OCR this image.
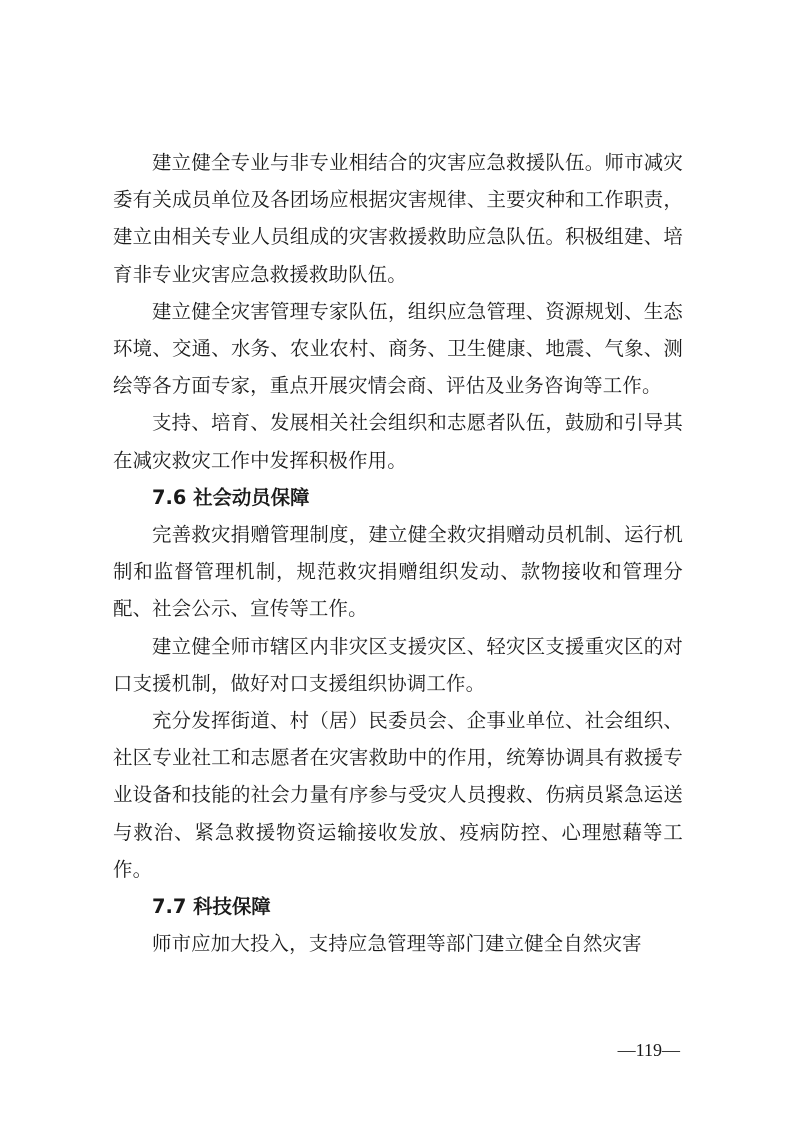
建立健全专业与非专业相结合的灾害应急救援队伍。师市减灾委有关成员单位及各团场应根据灾害规律、主要灾种和工作职责，建立由相关专业人员组成的灾害救援救助应急队伍。积极组建、培育非专业灾害应急救援救助队伍。

建立健全灾害管理专家队伍，组织应急管理、资源规划、生态环境、交通、水务、农业农村、商务、卫生健康、地震、气象、测绘等各方面专家，重点开展灾情会商、评估及业务咨询等工作。

支持、培育、发展相关社会组织和志愿者队伍，鼓励和引导其在减灾救灾工作中发挥积极作用。

7.6 社会动员保障

完善救灾捐赠管理制度，建立健全救灾捐赠动员机制、运行机制和监督管理机制，规范救灾捐赠组织发动、款物接收和管理分配、社会公示、宣传等工作。

建立健全师市辖区内非灾区支援灾区、轻灾区支援重灾区的对口支援机制，做好对口支援组织协调工作。

充分发挥街道、村（居）民委员会、企事业单位、社会组织、社区专业社工和志愿者在灾害救助中的作用，统筹协调具有救援专业设备和技能的社会力量有序参与受灾人员搜救、伤病员紧急运送与救治、紧急救援物资运输接收发放、疫病防控、心理慰藉等工作。

7.7 科技保障

师市应加大投入，支持应急管理等部门建立健全自然灾害

—119—
